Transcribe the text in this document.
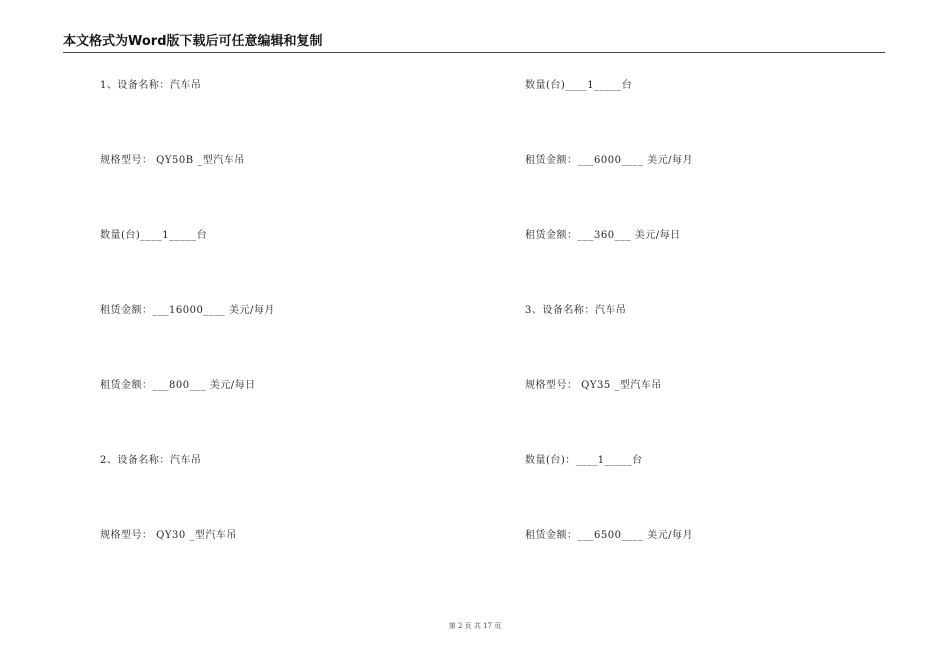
本文格式为Word版下载后可任意编辑和复制
1、设备名称：汽车吊
规格型号： QY50B _型汽车吊
数量(台)____1_____台
租赁金额：___16000____ 美元/每月
租赁金额：___800___ 美元/每日
2、设备名称：汽车吊
规格型号： QY30 _型汽车吊
数量(台)____1_____台
租赁金额：___6000____ 美元/每月
租赁金额：___360___ 美元/每日
3、设备名称：汽车吊
规格型号： QY35 _型汽车吊
数量(台)：____1_____台
租赁金额：___6500____ 美元/每月
第 2 页 共 17 页
